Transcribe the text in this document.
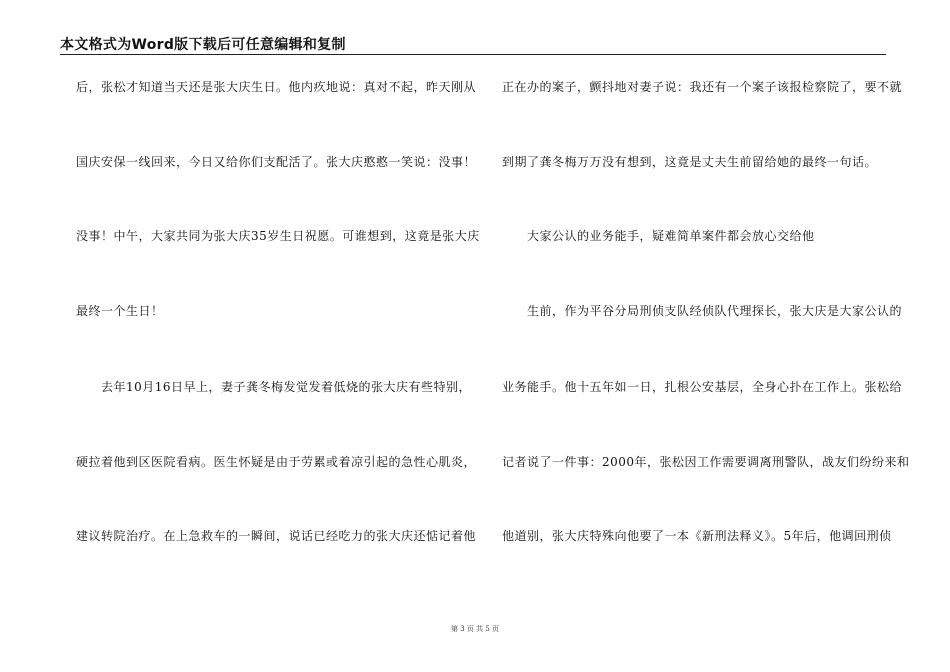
本文格式为Word版下载后可任意编辑和复制
后，张松才知道当天还是张大庆生日。他内疚地说：真对不起，昨天刚从
国庆安保一线回来，今日又给你们支配活了。张大庆憨憨一笑说：没事！
没事！中午，大家共同为张大庆35岁生日祝愿。可谁想到，这竟是张大庆
最终一个生日！
　　去年10月16日早上，妻子龚冬梅发觉发着低烧的张大庆有些特别，
硬拉着他到区医院看病。医生怀疑是由于劳累或着凉引起的急性心肌炎，
建议转院治疗。在上急救车的一瞬间，说话已经吃力的张大庆还惦记着他
正在办的案子，颤抖地对妻子说：我还有一个案子该报检察院了，要不就
到期了龚冬梅万万没有想到，这竟是丈夫生前留给她的最终一句话。
　　大家公认的业务能手，疑难简单案件都会放心交给他
　　生前，作为平谷分局刑侦支队经侦队代理探长，张大庆是大家公认的
业务能手。他十五年如一日，扎根公安基层，全身心扑在工作上。张松给
记者说了一件事：2000年，张松因工作需要调离刑警队，战友们纷纷来和
他道别，张大庆特殊向他要了一本《新刑法释义》。5年后，他调回刑侦
第 3 页 共 5 页
